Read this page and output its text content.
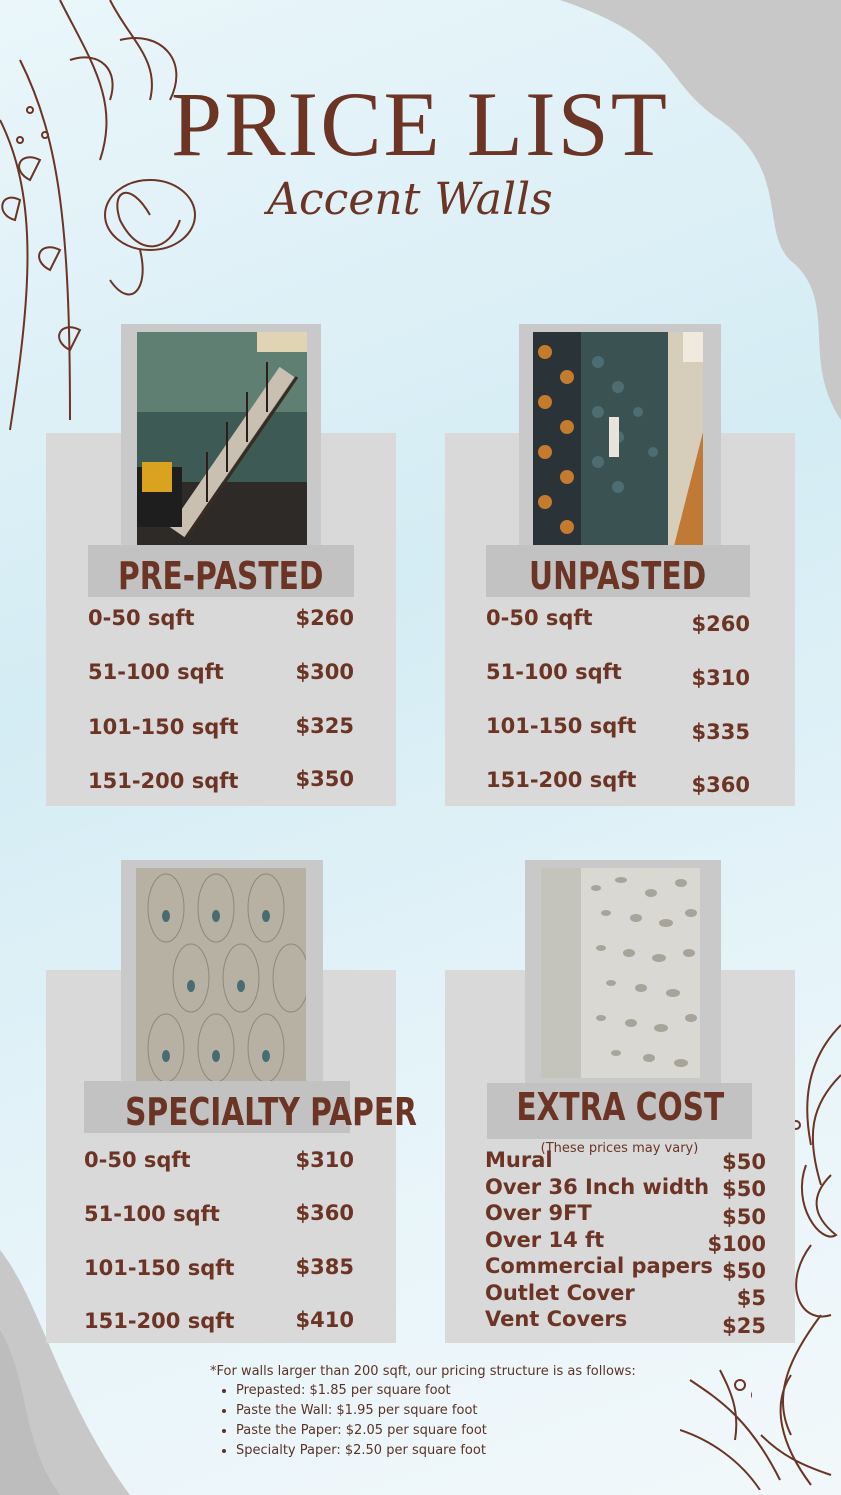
PRICE LIST
Accent Walls
PRE-PASTED
0-50 sqft	$260
51-100 sqft	$300
101-150 sqft	$325
151-200 sqft	$350
UNPASTED
0-50 sqft	$260
51-100 sqft	$310
101-150 sqft	$335
151-200 sqft	$360
SPECIALTY PAPER
0-50 sqft	$310
51-100 sqft	$360
101-150 sqft	$385
151-200 sqft	$410
EXTRA COST
(These prices may vary)
Mural	$50
Over 36 Inch width $50
Over 9FT	$50
Over 14 ft	$100
Commercial papers $50
Outlet Cover	$5
Vent Covers	$25
*For walls larger than 200 sqft, our pricing structure is as follows:
• Prepasted: $1.85 per square foot
• Paste the Wall: $1.95 per square foot
• Paste the Paper: $2.05 per square foot
• Specialty Paper: $2.50 per square foot
